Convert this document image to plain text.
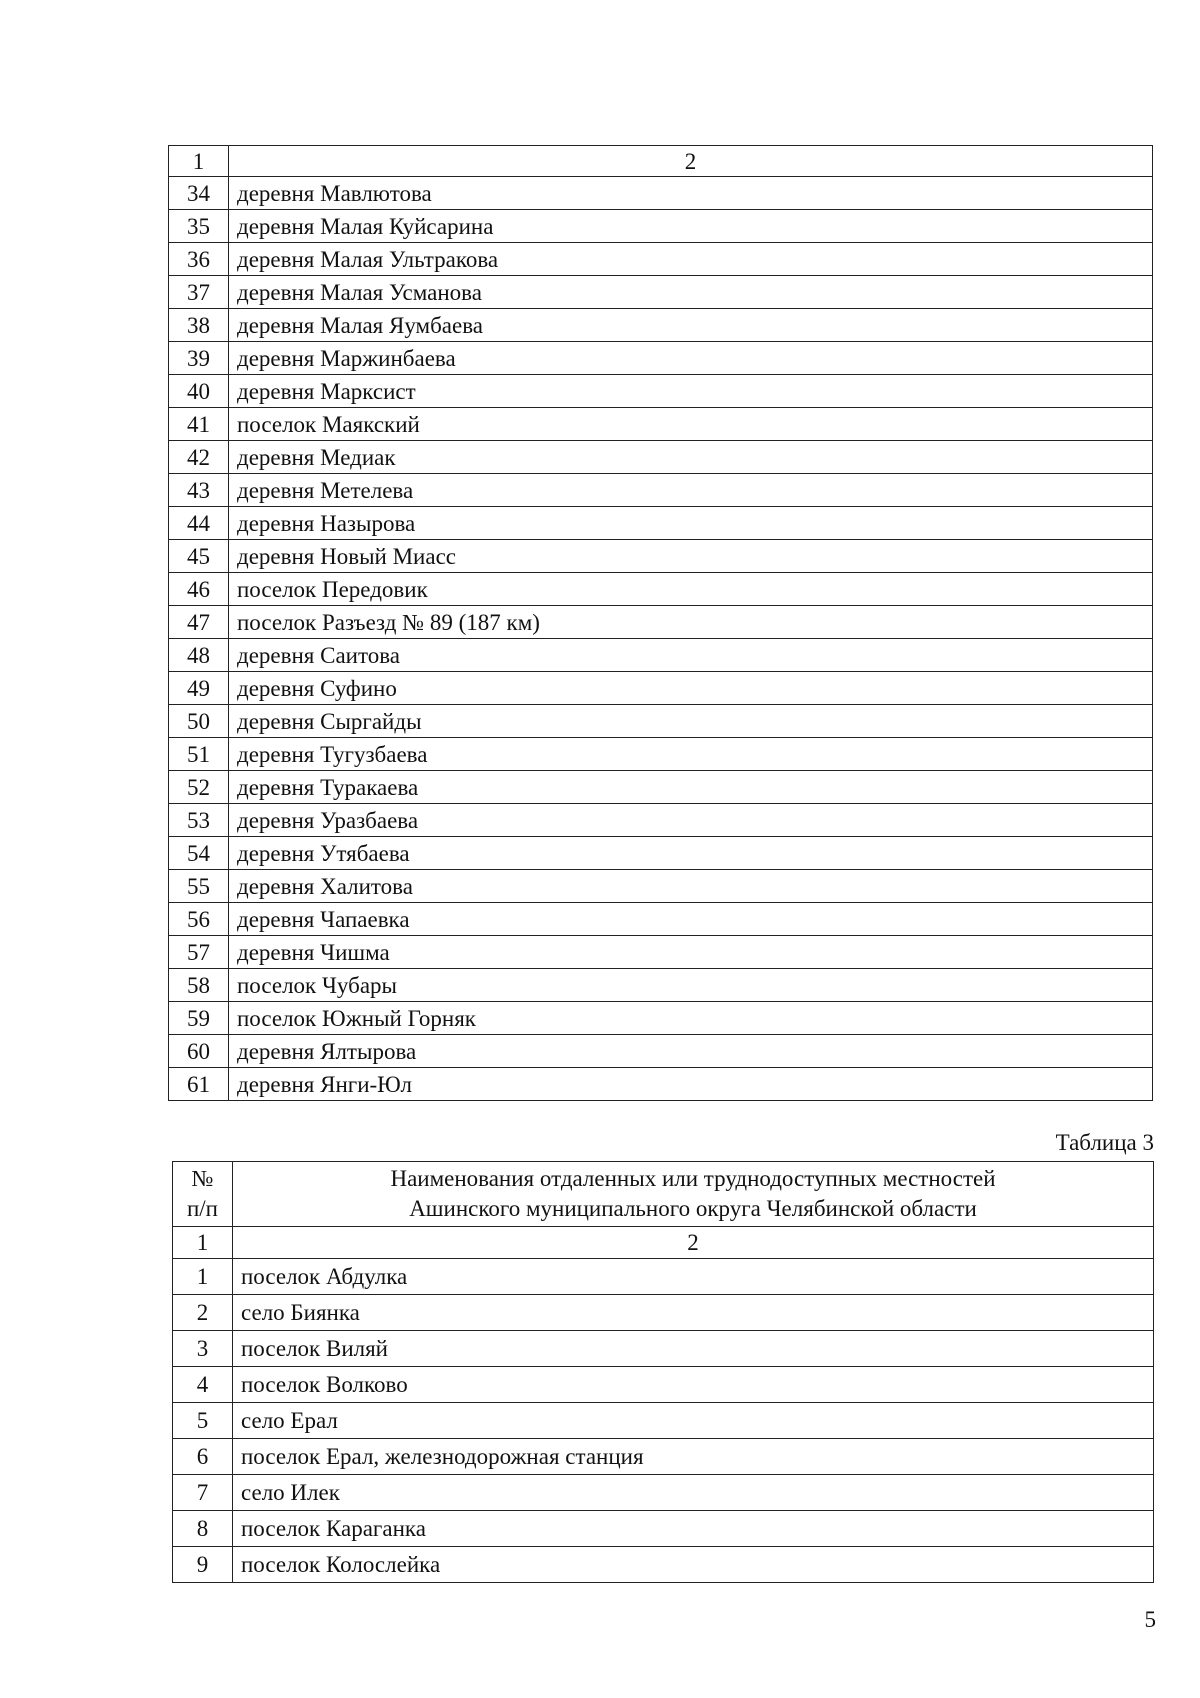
1	2
34	деревня Мавлютова
35	деревня Малая Куйсарина
36	деревня Малая Ультракова
37	деревня Малая Усманова
38	деревня Малая Яумбаева
39	деревня Маржинбаева
40	деревня Марксист
41	поселок Маякский
42	деревня Медиак
43	деревня Метелева
44	деревня Назырова
45	деревня Новый Миасс
46	поселок Передовик
47	поселок Разъезд № 89 (187 км)
48	деревня Саитова
49	деревня Суфино
50	деревня Сыргайды
51	деревня Тугузбаева
52	деревня Туракаева
53	деревня Уразбаева
54	деревня Утябаева
55	деревня Халитова
56	деревня Чапаевка
57	деревня Чишма
58	поселок Чубары
59	поселок Южный Горняк
60	деревня Ялтырова
61	деревня Янги-Юл
Таблица 3
№
п/п	Наименования отдаленных или труднодоступных местностей
Ашинского муниципального округа Челябинской области

1	2
1	поселок Абдулка
2	село Биянка
3	поселок Виляй
4	поселок Волково
5	село Ерал
6	поселок Ерал, железнодорожная станция
7	село Илек
8	поселок Караганка
9	поселок Колослейка
5
